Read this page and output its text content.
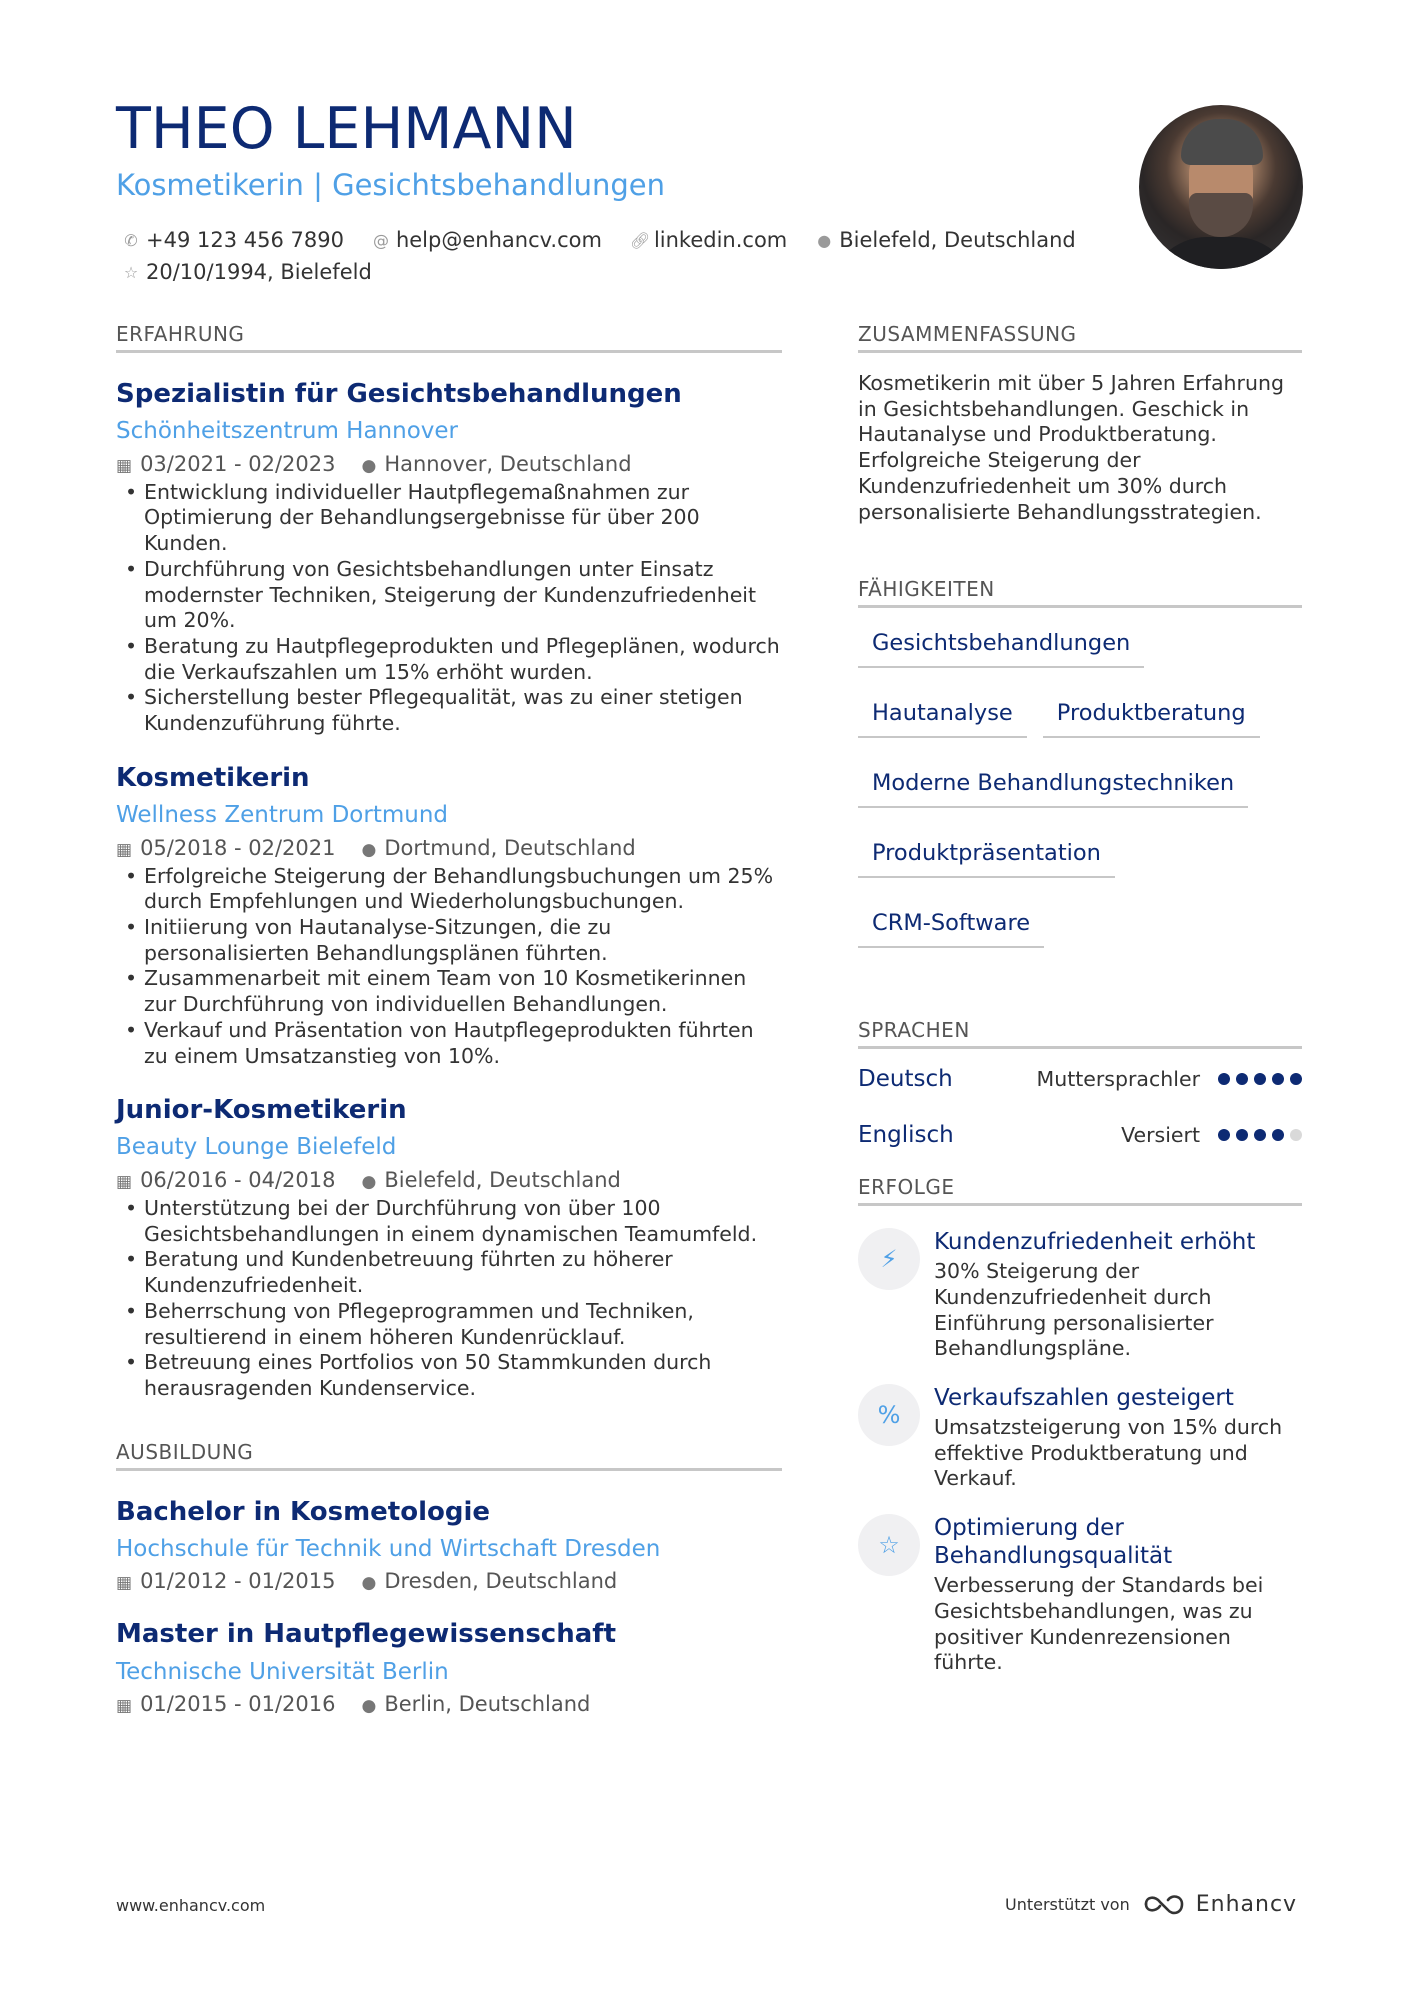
THEO LEHMANN
Kosmetikerin | Gesichtsbehandlungen
✆ +49 123 456 7890 @ help@enhancv.com 🔗︎ linkedin.com ● Bielefeld, Deutschland
☆ 20/10/1994, Bielefeld
ERFAHRUNG
Spezialistin für Gesichtsbehandlungen
Schönheitszentrum Hannover
▦ 03/2021 - 02/2023 ● Hannover, Deutschland
• Entwicklung individueller Hautpflegemaßnahmen zur Optimierung der Behandlungsergebnisse für über 200 Kunden.
• Durchführung von Gesichtsbehandlungen unter Einsatz modernster Techniken, Steigerung der Kundenzufriedenheit um 20%.
• Beratung zu Hautpflegeprodukten und Pflegeplänen, wodurch die Verkaufszahlen um 15% erhöht wurden.
• Sicherstellung bester Pflegequalität, was zu einer stetigen Kundenzuführung führte.
Kosmetikerin
Wellness Zentrum Dortmund
▦ 05/2018 - 02/2021 ● Dortmund, Deutschland
• Erfolgreiche Steigerung der Behandlungsbuchungen um 25% durch Empfehlungen und Wiederholungsbuchungen.
• Initiierung von Hautanalyse-Sitzungen, die zu personalisierten Behandlungsplänen führten.
• Zusammenarbeit mit einem Team von 10 Kosmetikerinnen zur Durchführung von individuellen Behandlungen.
• Verkauf und Präsentation von Hautpflegeprodukten führten zu einem Umsatzanstieg von 10%.
Junior-Kosmetikerin
Beauty Lounge Bielefeld
▦ 06/2016 - 04/2018 ● Bielefeld, Deutschland
• Unterstützung bei der Durchführung von über 100 Gesichtsbehandlungen in einem dynamischen Teamumfeld.
• Beratung und Kundenbetreuung führten zu höherer Kundenzufriedenheit.
• Beherrschung von Pflegeprogrammen und Techniken, resultierend in einem höheren Kundenrücklauf.
• Betreuung eines Portfolios von 50 Stammkunden durch herausragenden Kundenservice.
AUSBILDUNG
Bachelor in Kosmetologie
Hochschule für Technik und Wirtschaft Dresden
▦ 01/2012 - 01/2015 ● Dresden, Deutschland
Master in Hautpflegewissenschaft
Technische Universität Berlin
▦ 01/2015 - 01/2016 ● Berlin, Deutschland
ZUSAMMENFASSUNG
Kosmetikerin mit über 5 Jahren Erfahrung in Gesichtsbehandlungen. Geschick in Hautanalyse und Produktberatung. Erfolgreiche Steigerung der Kundenzufriedenheit um 30% durch personalisierte Behandlungsstrategien.
FÄHIGKEITEN
Gesichtsbehandlungen
Hautanalyse	Produktberatung
Moderne Behandlungstechniken
Produktpräsentation
CRM-Software
SPRACHEN
Deutsch	Muttersprachler
Englisch	Versiert
ERFOLGE
⚡︎
Kundenzufriedenheit erhöht
30% Steigerung der Kundenzufriedenheit durch Einführung personalisierter Behandlungspläne.
%
Verkaufszahlen gesteigert
Umsatzsteigerung von 15% durch effektive Produktberatung und Verkauf.
☆
Optimierung der Behandlungsqualität
Verbesserung der Standards bei Gesichtsbehandlungen, was zu positiver Kundenrezensionen führte.
www.enhancv.com	Unterstützt von	Enhancv
